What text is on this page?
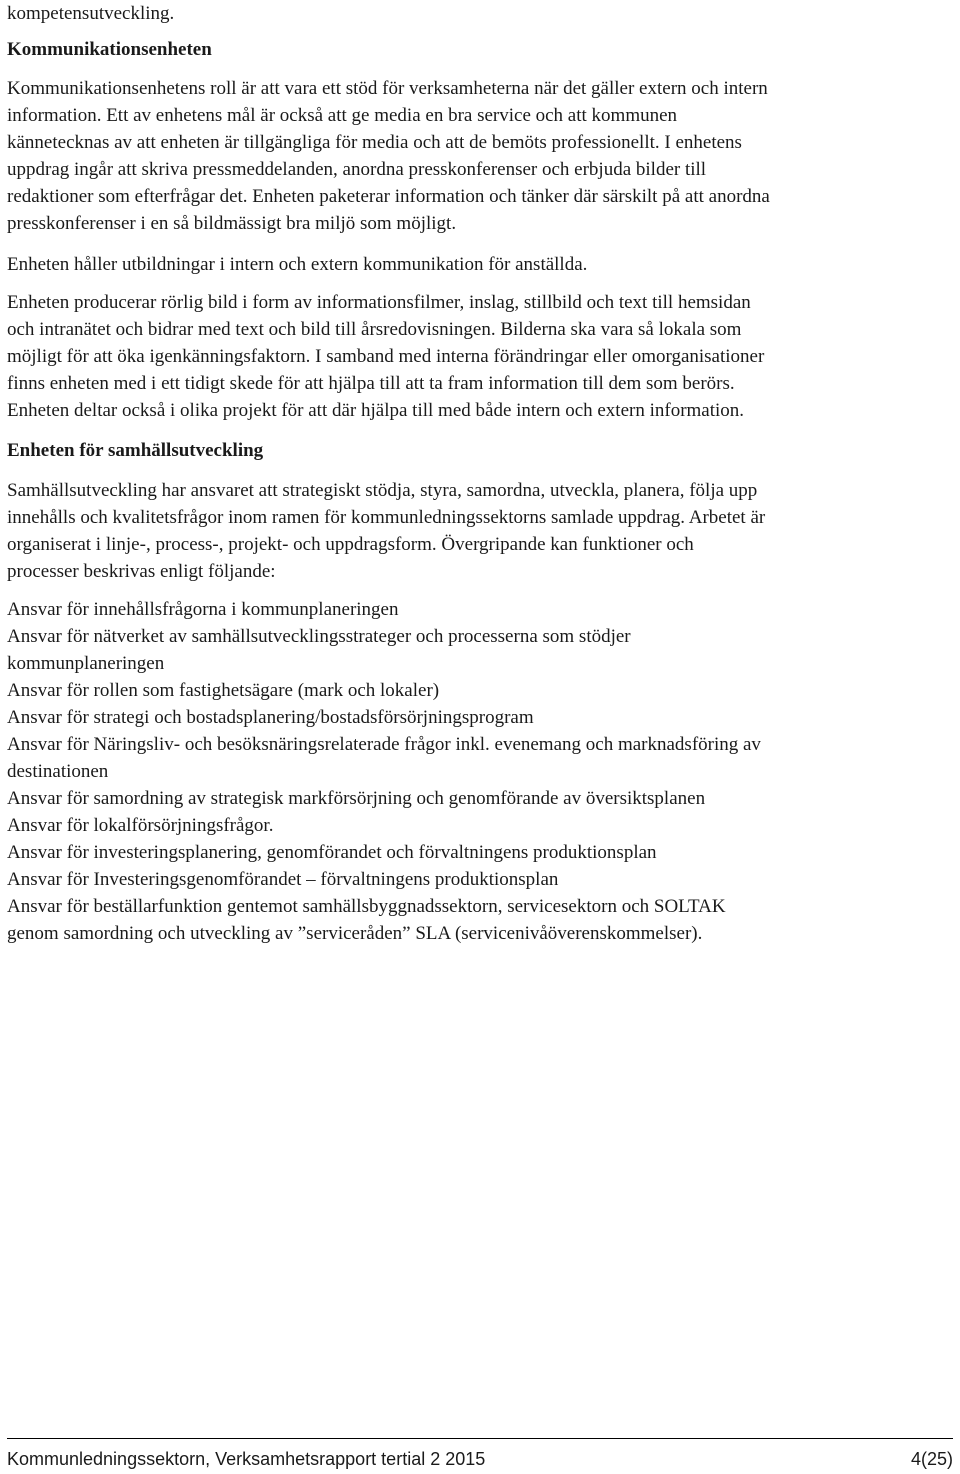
kompetensutveckling.
Kommunikationsenheten
Kommunikationsenhetens roll är att vara ett stöd för verksamheterna när det gäller extern och intern
information. Ett av enhetens mål är också att ge media en bra service och att kommunen
kännetecknas av att enheten är tillgängliga för media och att de bemöts professionellt. I enhetens
uppdrag ingår att skriva pressmeddelanden, anordna presskonferenser och erbjuda bilder till
redaktioner som efterfrågar det. Enheten paketerar information och tänker där särskilt på att anordna
presskonferenser i en så bildmässigt bra miljö som möjligt.
Enheten håller utbildningar i intern och extern kommunikation för anställda.
Enheten producerar rörlig bild i form av informationsfilmer, inslag, stillbild och text till hemsidan
och intranätet och bidrar med text och bild till årsredovisningen. Bilderna ska vara så lokala som
möjligt för att öka igenkänningsfaktorn. I samband med interna förändringar eller omorganisationer
finns enheten med i ett tidigt skede för att hjälpa till att ta fram information till dem som berörs.
Enheten deltar också i olika projekt för att där hjälpa till med både intern och extern information.
Enheten för samhällsutveckling
Samhällsutveckling har ansvaret att strategiskt stödja, styra, samordna, utveckla, planera, följa upp
innehålls och kvalitetsfrågor inom ramen för kommunledningssektorns samlade uppdrag. Arbetet är
organiserat i linje-, process-, projekt- och uppdragsform. Övergripande kan funktioner och
processer beskrivas enligt följande:
Ansvar för innehållsfrågorna i kommunplaneringen
Ansvar för nätverket av samhällsutvecklingsstrateger och processerna som stödjer
kommunplaneringen
Ansvar för rollen som fastighetsägare (mark och lokaler)
Ansvar för strategi och bostadsplanering/bostadsförsörjningsprogram
Ansvar för Näringsliv- och besöksnäringsrelaterade frågor inkl. evenemang och marknadsföring av
destinationen
Ansvar för samordning av strategisk markförsörjning och genomförande av översiktsplanen
Ansvar för lokalförsörjningsfrågor.
Ansvar för investeringsplanering, genomförandet och förvaltningens produktionsplan
Ansvar för Investeringsgenomförandet – förvaltningens produktionsplan
Ansvar för beställarfunktion gentemot samhällsbyggnadssektorn, servicesektorn och SOLTAK
genom samordning och utveckling av ”serviceråden” SLA (servicenivåöverenskommelser).
Kommunledningssektorn, Verksamhetsrapport tertial 2 2015	4(25)
